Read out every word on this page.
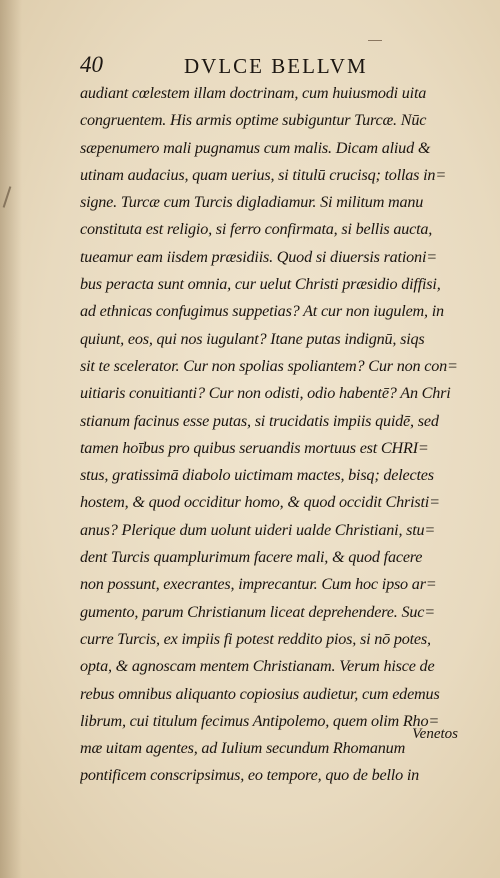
40	DVLCE BELLVM
audiant cœlestem illam doctrinam, cum huiusmodi uita
congruentem. His armis optime subiguntur Turcæ. Nūc
sæpenumero mali pugnamus cum malis. Dicam aliud &
utinam audacius, quam uerius, si titulū crucisq; tollas in=
signe. Turcæ cum Turcis digladiamur. Si militum manu
constituta est religio, si ferro confirmata, si bellis aucta,
tueamur eam iisdem præsidiis. Quod si diuersis rationi=
bus peracta sunt omnia, cur uelut Christi præsidio diffisi,
ad ethnicas confugimus suppetias? At cur non iugulem, in
quiunt, eos, qui nos iugulant? Itane putas indignū, siqs
sit te scelerator. Cur non spolias spoliantem? Cur non con=
uitiaris conuitianti? Cur non odisti, odio habentē? An Chri
stianum facinus esse putas, si trucidatis impiis quidē, sed
tamen hoībus pro quibus seruandis mortuus est CHRI=
stus, gratissimā diabolo uictimam mactes, bisq; delectes
hostem, & quod occiditur homo, & quod occidit Christi=
anus? Plerique dum uolunt uideri ualde Christiani, stu=
dent Turcis quamplurimum facere mali, & quod facere
non possunt, execrantes, imprecantur. Cum hoc ipso ar=
gumento, parum Christianum liceat deprehendere. Suc=
curre Turcis, ex impiis fi potest reddito pios, si nō potes,
opta, & agnoscam mentem Christianam. Verum hisce de
rebus omnibus aliquanto copiosius audietur, cum edemus
librum, cui titulum fecimus Antipolemo, quem olim Rho=
mæ uitam agentes, ad Iulium secundum Rhomanum
pontificem conscripsimus, eo tempore, quo de bello in
Venetos
